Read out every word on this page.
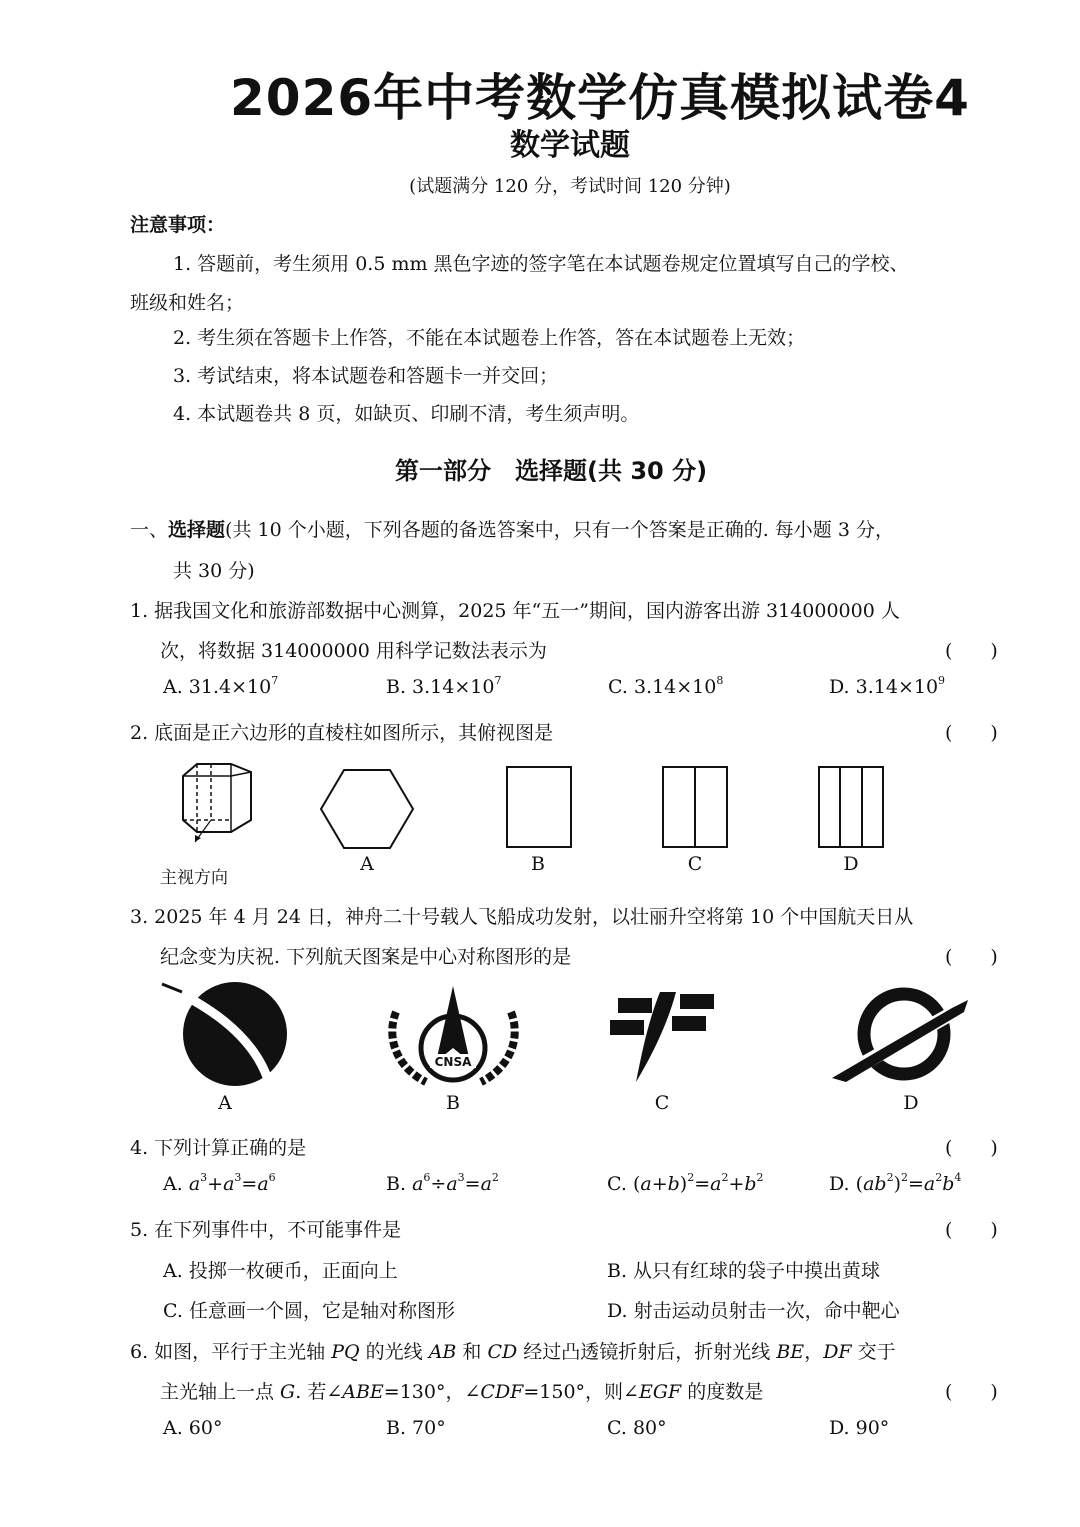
2026年中考数学仿真模拟试卷4
数学试题
(试题满分 120 分，考试时间 120 分钟)
注意事项：
1. 答题前，考生须用 0.5 mm 黑色字迹的签字笔在本试题卷规定位置填写自己的学校、
班级和姓名；
2. 考生须在答题卡上作答，不能在本试题卷上作答，答在本试题卷上无效；
3. 考试结束，将本试题卷和答题卡一并交回；
4. 本试题卷共 8 页，如缺页、印刷不清，考生须声明。
第一部分　选择题(共 30 分)
一、选择题(共 10 个小题，下列各题的备选答案中，只有一个答案是正确的. 每小题 3 分，
共 30 分)
1. 据我国文化和旅游部数据中心测算，2025 年“五一”期间，国内游客出游 314000000 人
次，将数据 314000000 用科学记数法表示为	(　　)
A. $31.4\times 10^7$	B. $3.14\times 10^7$	C. $3.14\times 10^8$	D. $3.14\times 10^9$
2. 底面是正六边形的直棱柱如图所示，其俯视图是	(　　)
主视方向
A	B	C	D
3. 2025 年 4 月 24 日，神舟二十号载人飞船成功发射，以壮丽升空将第 10 个中国航天日从
纪念变为庆祝. 下列航天图案是中心对称图形的是	(　　)
CNSA
A	B	C	D
4. 下列计算正确的是	(　　)
A. $a^3+a^3=a^6$	B. $a^6\div a^3=a^2$	C. $(a+b)^2=a^2+b^2$	D. $(ab^2)^2=a^2b^4$
5. 在下列事件中，不可能事件是	(　　)
A. 投掷一枚硬币，正面向上	B. 从只有红球的袋子中摸出黄球
C. 任意画一个圆，它是轴对称图形	D. 射击运动员射击一次，命中靶心
6. 如图，平行于主光轴 PQ 的光线 AB 和 CD 经过凸透镜折射后，折射光线 BE，DF 交于
主光轴上一点 G. 若∠ABE=130°，∠CDF=150°，则∠EGF 的度数是	(　　)
A. 60°	B. 70°	C. 80°	D. 90°
